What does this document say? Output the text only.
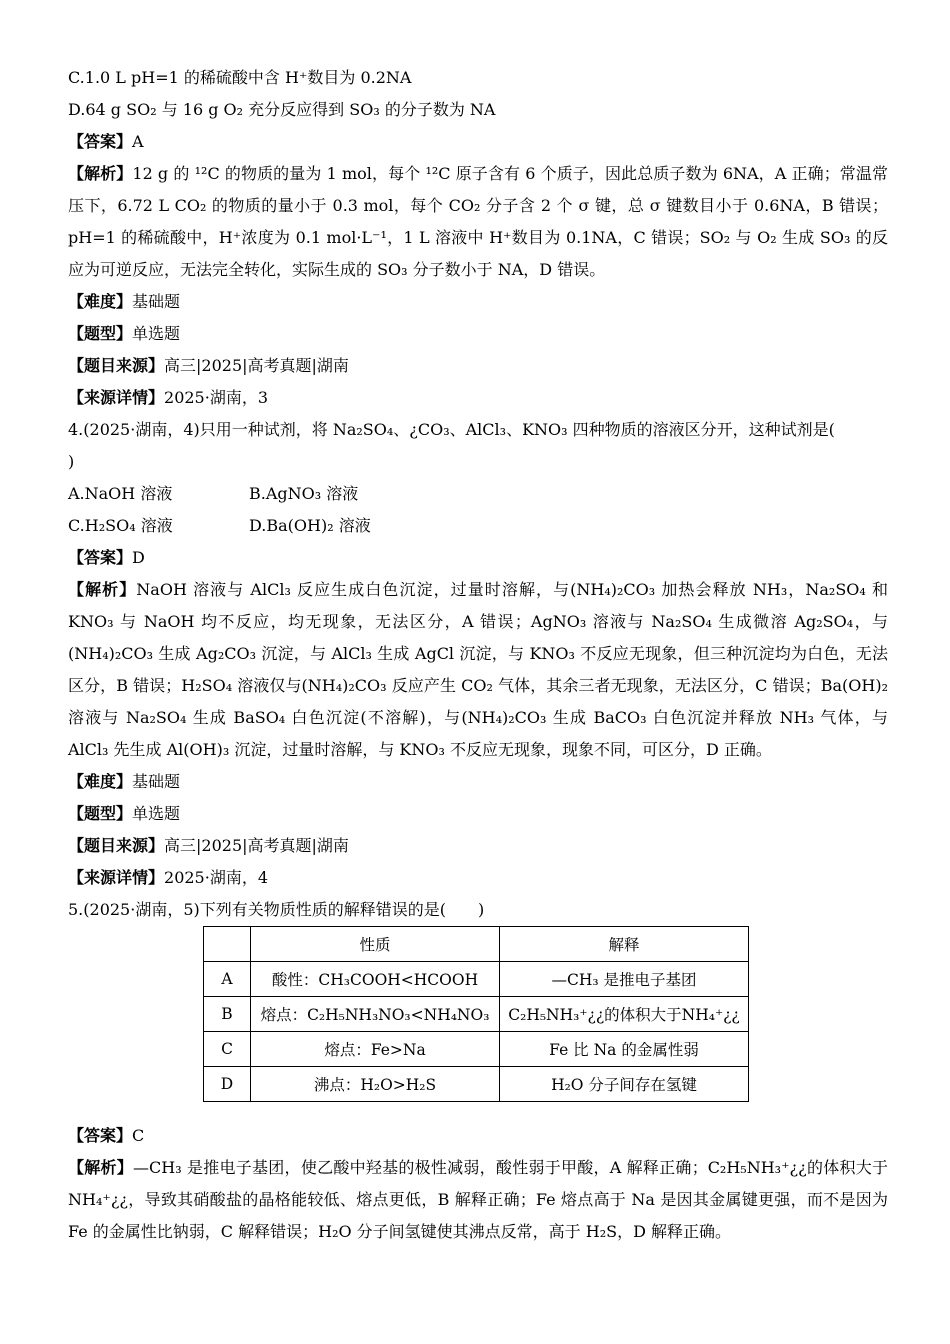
C.1.0 L pH=1 的稀硫酸中含 H⁺数目为 0.2NA
D.64 g SO₂ 与 16 g O₂ 充分反应得到 SO₃ 的分子数为 NA
【答案】A
【解析】12 g 的 ¹²C 的物质的量为 1 mol，每个 ¹²C 原子含有 6 个质子，因此总质子数为 6NA，A 正确；常温常压下，6.72 L CO₂ 的物质的量小于 0.3 mol，每个 CO₂ 分子含 2 个 σ 键，总 σ 键数目小于 0.6NA，B 错误；pH=1 的稀硫酸中，H⁺浓度为 0.1 mol·L⁻¹，1 L 溶液中 H⁺数目为 0.1NA，C 错误；SO₂ 与 O₂ 生成 SO₃ 的反应为可逆反应，无法完全转化，实际生成的 SO₃ 分子数小于 NA，D 错误。
【难度】基础题
【题型】单选题
【题目来源】高三|2025|高考真题|湖南
【来源详情】2025·湖南，3
4.(2025·湖南，4)只用一种试剂，将 Na₂SO₄、¿CO₃、AlCl₃、KNO₃ 四种物质的溶液区分开，这种试剂是(
)
A.NaOH 溶液	B.AgNO₃ 溶液
C.H₂SO₄ 溶液	D.Ba(OH)₂ 溶液
【答案】D
【解析】NaOH 溶液与 AlCl₃ 反应生成白色沉淀，过量时溶解，与(NH₄)₂CO₃ 加热会释放 NH₃，Na₂SO₄ 和 KNO₃ 与 NaOH 均不反应，均无现象，无法区分，A 错误；AgNO₃ 溶液与 Na₂SO₄ 生成微溶 Ag₂SO₄，与(NH₄)₂CO₃ 生成 Ag₂CO₃ 沉淀，与 AlCl₃ 生成 AgCl 沉淀，与 KNO₃ 不反应无现象，但三种沉淀均为白色，无法区分，B 错误；H₂SO₄ 溶液仅与(NH₄)₂CO₃ 反应产生 CO₂ 气体，其余三者无现象，无法区分，C 错误；Ba(OH)₂ 溶液与 Na₂SO₄ 生成 BaSO₄ 白色沉淀(不溶解)，与(NH₄)₂CO₃ 生成 BaCO₃ 白色沉淀并释放 NH₃ 气体，与 AlCl₃ 先生成 Al(OH)₃ 沉淀，过量时溶解，与 KNO₃ 不反应无现象，现象不同，可区分，D 正确。
【难度】基础题
【题型】单选题
【题目来源】高三|2025|高考真题|湖南
【来源详情】2025·湖南，4
5.(2025·湖南，5)下列有关物质性质的解释错误的是(　　)
	性质	解释
A	酸性：CH₃COOH<HCOOH	—CH₃ 是推电子基团
B	熔点：C₂H₅NH₃NO₃<NH₄NO₃	C₂H₅NH₃⁺¿¿的体积大于NH₄⁺¿¿
C	熔点：Fe>Na	Fe 比 Na 的金属性弱
D	沸点：H₂O>H₂S	H₂O 分子间存在氢键
【答案】C
【解析】—CH₃ 是推电子基团，使乙酸中羟基的极性减弱，酸性弱于甲酸，A 解释正确；C₂H₅NH₃⁺¿¿的体积大于NH₄⁺¿¿，导致其硝酸盐的晶格能较低、熔点更低，B 解释正确；Fe 熔点高于 Na 是因其金属键更强，而不是因为 Fe 的金属性比钠弱，C 解释错误；H₂O 分子间氢键使其沸点反常，高于 H₂S，D 解释正确。
